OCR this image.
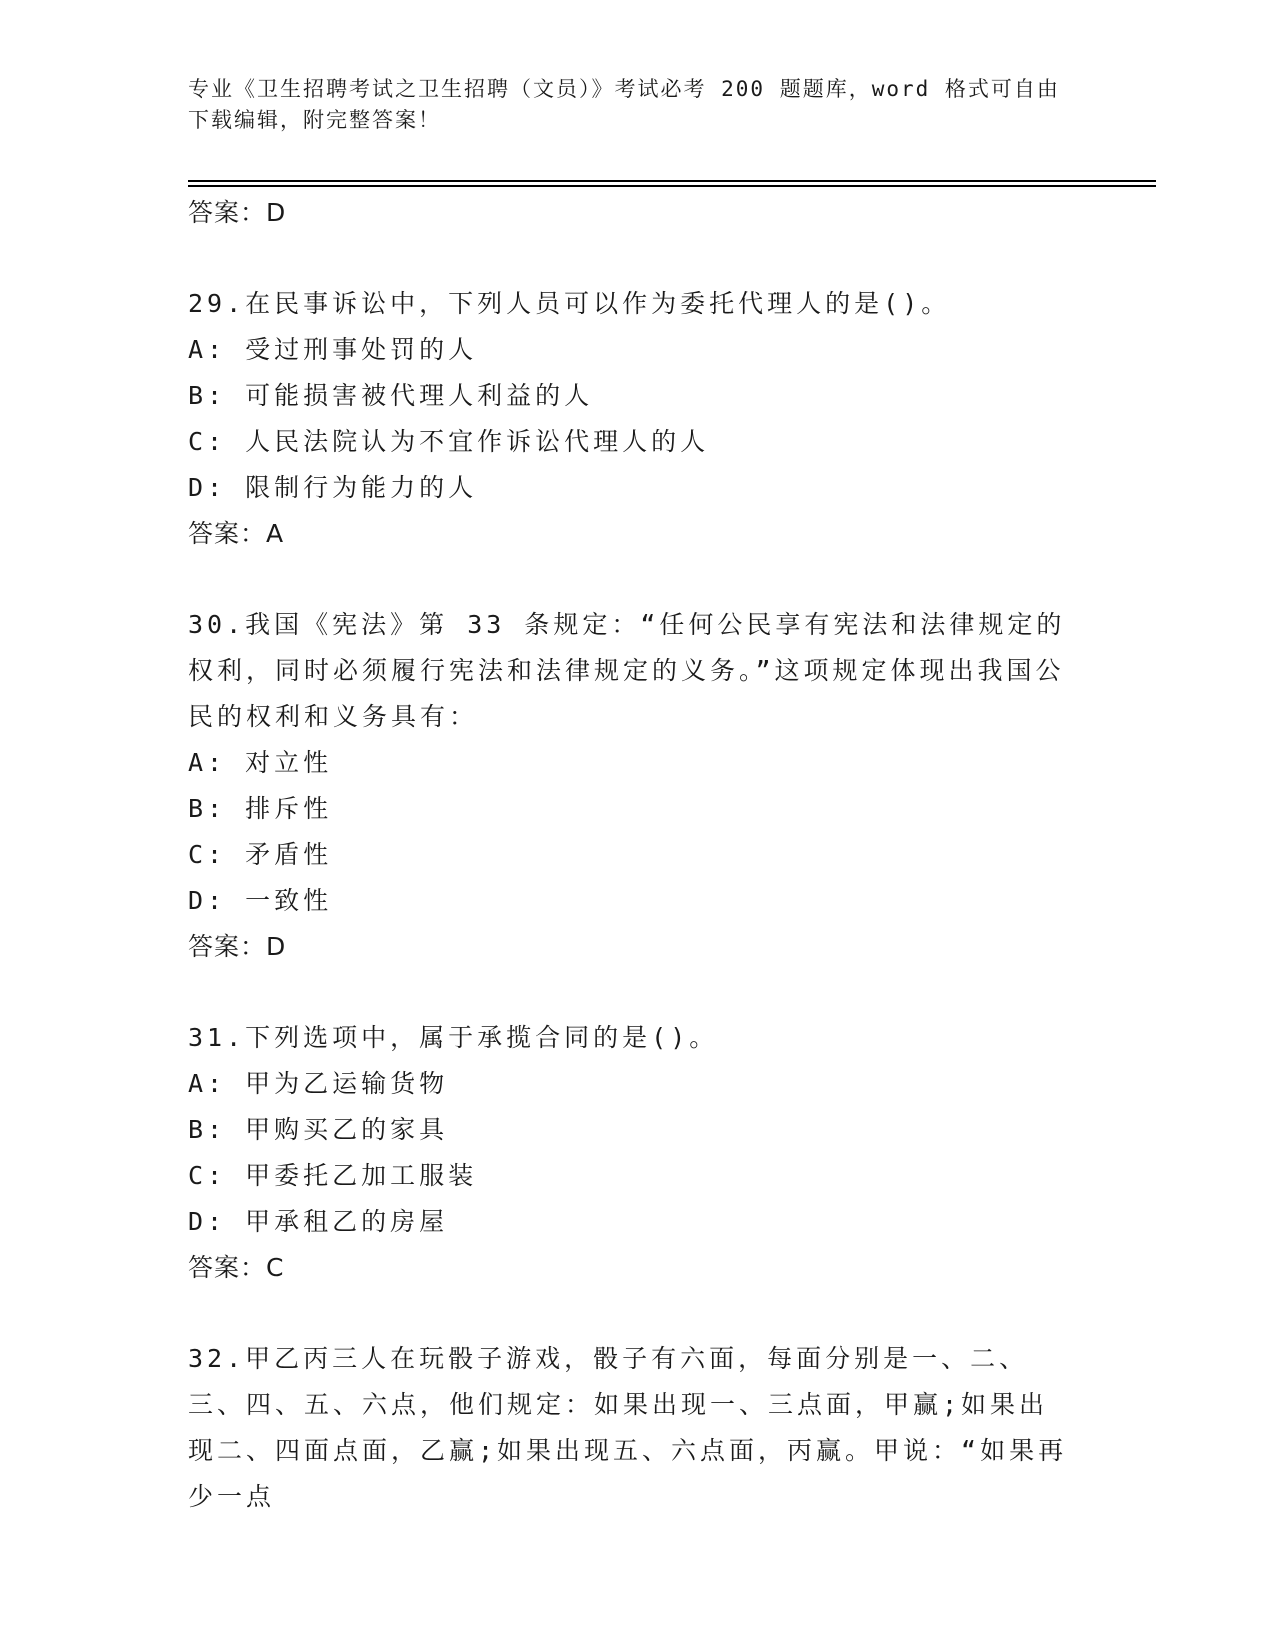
专业《卫生招聘考试之卫生招聘（文员）》考试必考 200 题题库，word 格式可自由下载编辑，附完整答案！
答案：D
29.在民事诉讼中，下列人员可以作为委托代理人的是()。
A: 受过刑事处罚的人
B: 可能损害被代理人利益的人
C: 人民法院认为不宜作诉讼代理人的人
D: 限制行为能力的人
答案：A
30.我国《宪法》第 33 条规定：“任何公民享有宪法和法律规定的权利，同时必须履行宪法和法律规定的义务。”这项规定体现出我国公民的权利和义务具有：
A: 对立性
B: 排斥性
C: 矛盾性
D: 一致性
答案：D
31.下列选项中，属于承揽合同的是()。
A: 甲为乙运输货物
B: 甲购买乙的家具
C: 甲委托乙加工服装
D: 甲承租乙的房屋
答案：C
32.甲乙丙三人在玩骰子游戏，骰子有六面，每面分别是一、二、三、四、五、六点，他们规定：如果出现一、三点面，甲赢;如果出现二、四面点面，乙赢;如果出现五、六点面，丙赢。甲说：“如果再少一点
